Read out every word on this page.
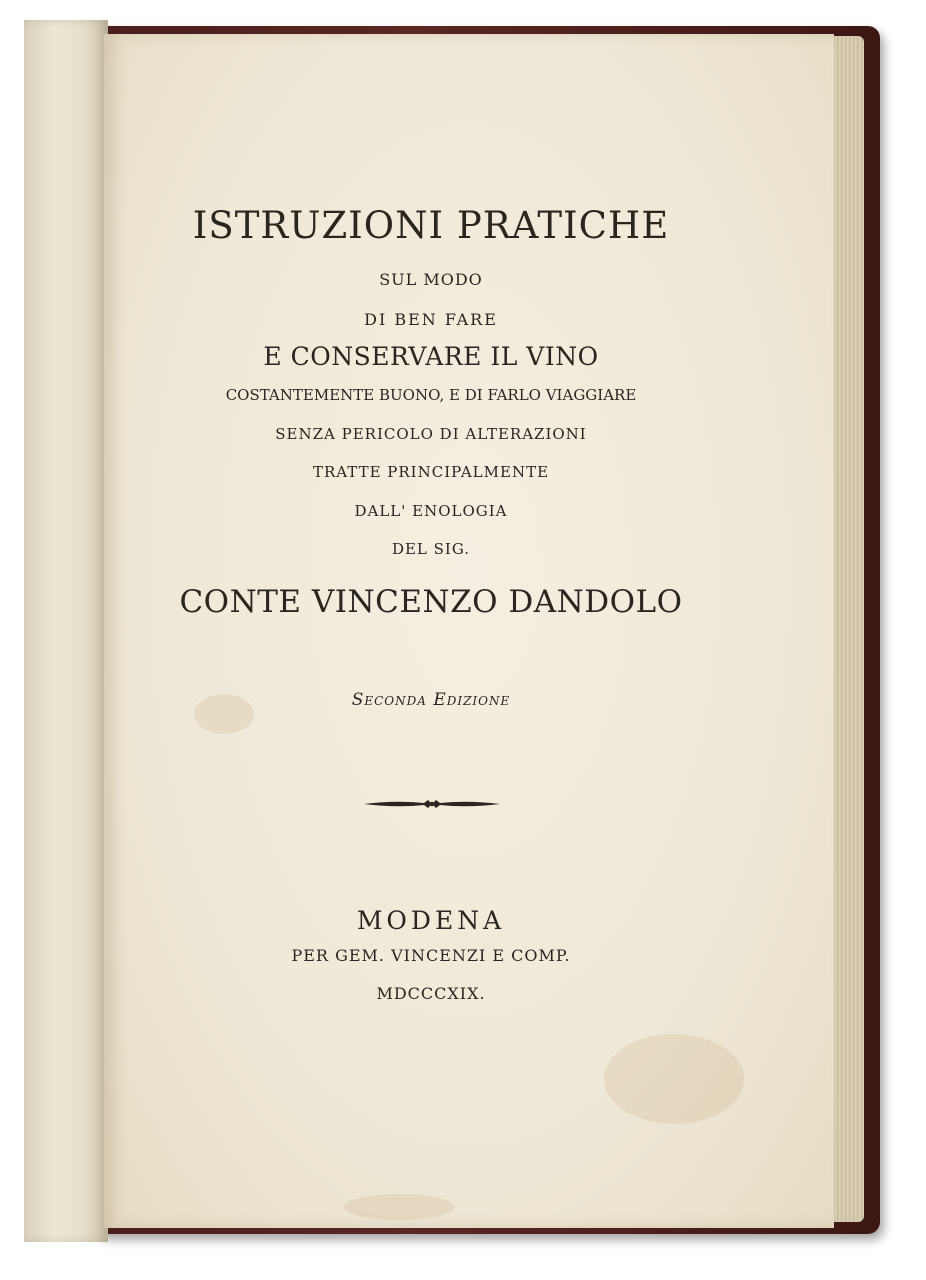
ISTRUZIONI PRATICHE
SUL MODO
DI BEN FARE
E CONSERVARE IL VINO
COSTANTEMENTE BUONO, E DI FARLO VIAGGIARE
SENZA PERICOLO DI ALTERAZIONI
TRATTE PRINCIPALMENTE
DALL' ENOLOGIA
DEL SIG.
CONTE VINCENZO DANDOLO
Seconda Edizione
MODENA
PER GEM. VINCENZI E COMP.
MDCCCXIX.
